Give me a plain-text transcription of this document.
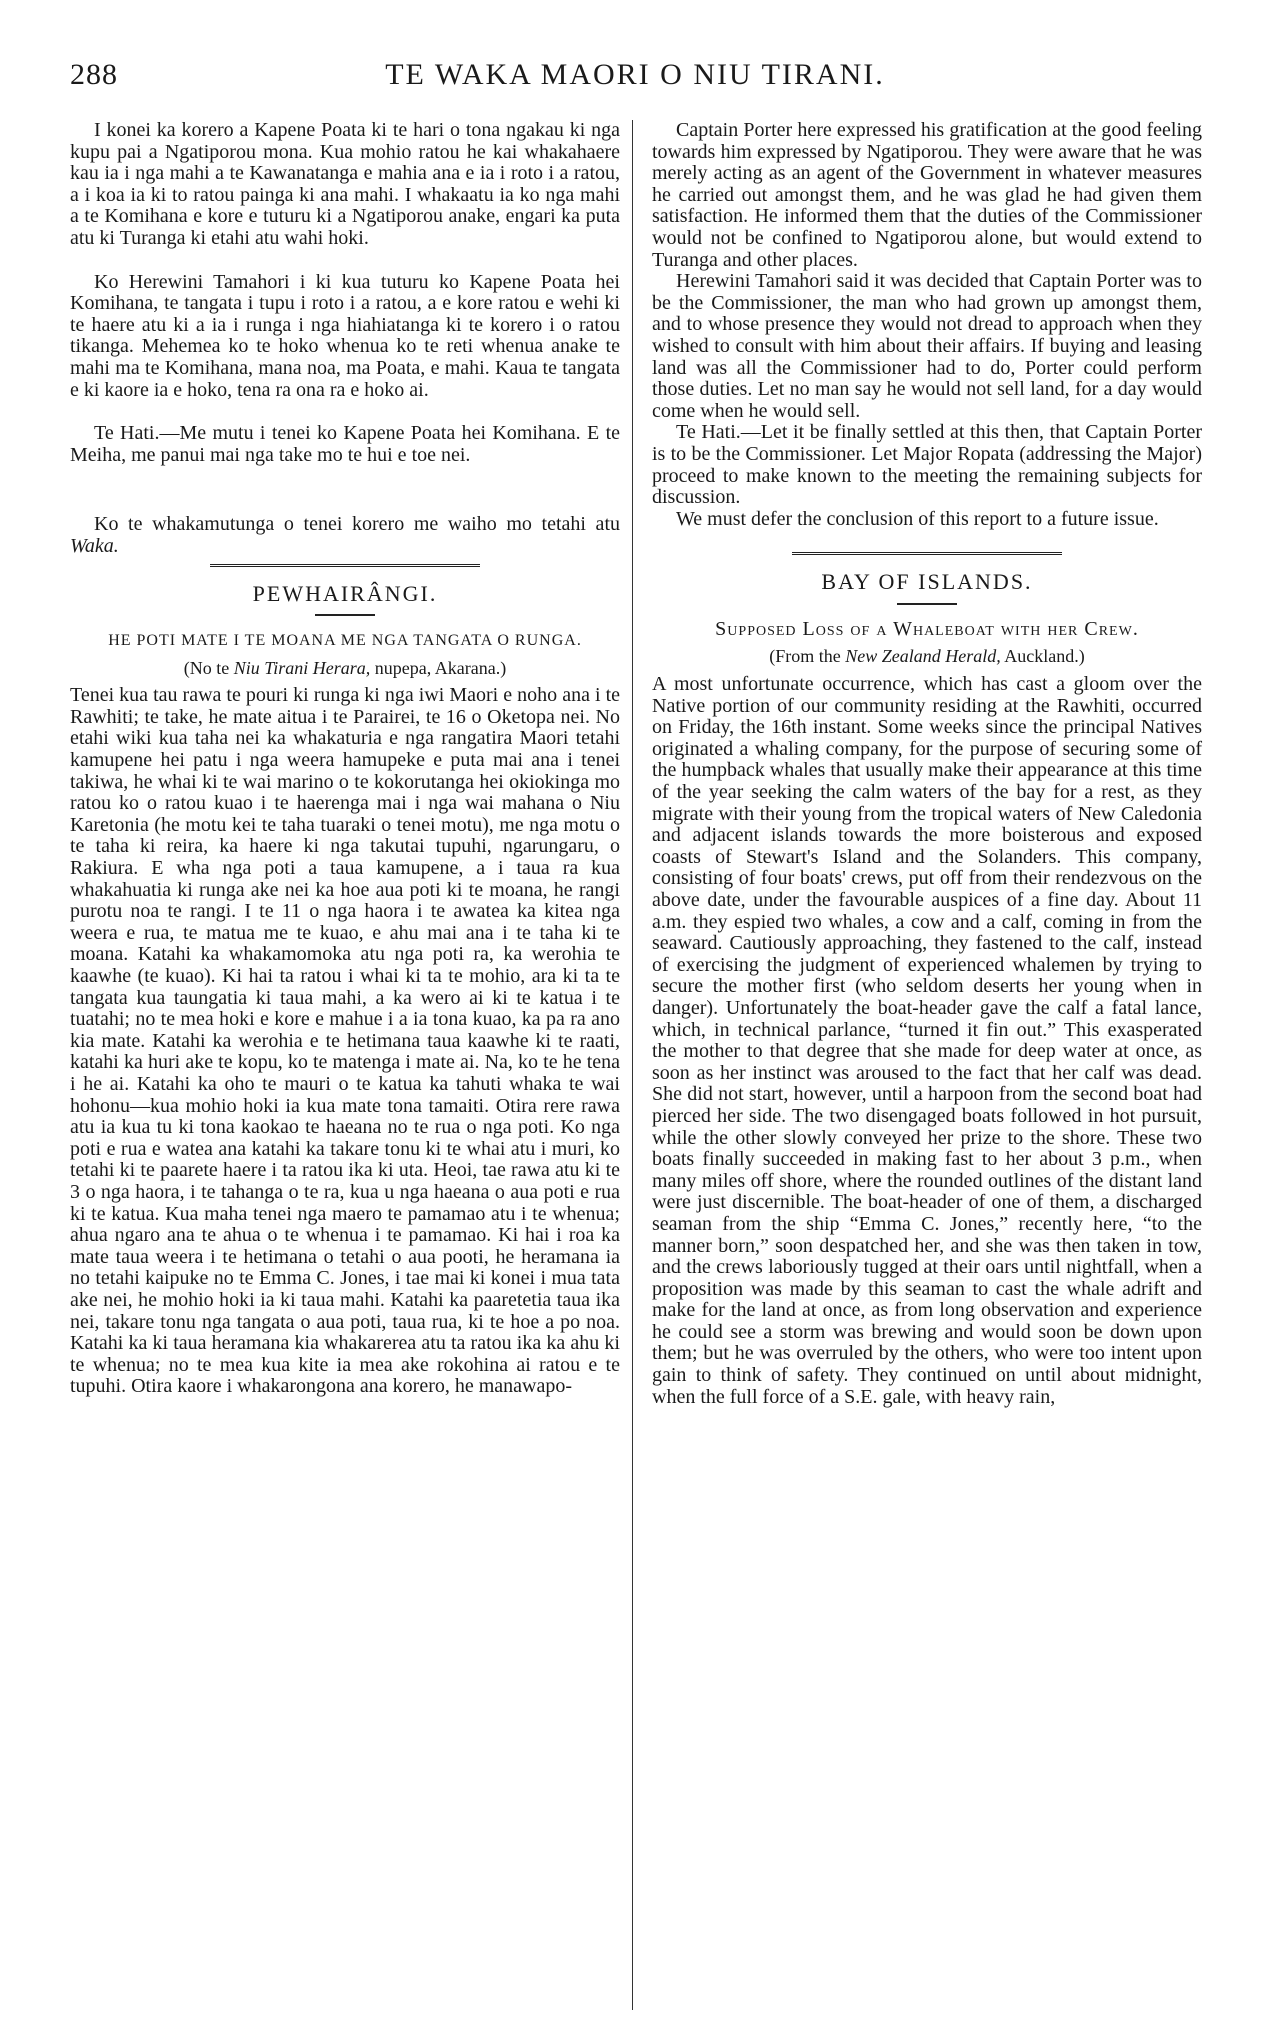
288	TE WAKA MAORI O NIU TIRANI.

I konei ka korero a Kapene Poata ki te hari o tona ngakau ki nga kupu pai a Ngatiporou mona. Kua mohio ratou he kai whakahaere kau ia i nga mahi a te Kawanatanga e mahia ana e ia i roto i a ratou, a i koa ia ki to ratou painga ki ana mahi. I whakaatu ia ko nga mahi a te Komihana e kore e tuturu ki a Ngatiporou anake, engari ka puta atu ki Turanga ki etahi atu wahi hoki.

Ko Herewini Tamahori i ki kua tuturu ko Kapene Poata hei Komihana, te tangata i tupu i roto i a ratou, a e kore ratou e wehi ki te haere atu ki a ia i runga i nga hiahiatanga ki te korero i o ratou tikanga. Mehemea ko te hoko whenua ko te reti whenua anake te mahi ma te Komihana, mana noa, ma Poata, e mahi. Kaua te tangata e ki kaore ia e hoko, tena ra ona ra e hoko ai.

Te Hati.—Me mutu i tenei ko Kapene Poata hei Komihana. E te Meiha, me panui mai nga take mo te hui e toe nei.

Ko te whakamutunga o tenei korero me waiho mo tetahi atu Waka.

PEWHAIRÂNGI.
HE POTI MATE I TE MOANA ME NGA TANGATA O RUNGA.
(No te Niu Tirani Herara, nupepa, Akarana.)

Tenei kua tau rawa te pouri ki runga ki nga iwi Maori e noho ana i te Rawhiti; te take, he mate aitua i te Parairei, te 16 o Oketopa nei. No etahi wiki kua taha nei ka whakaturia e nga rangatira Maori tetahi kamupene hei patu i nga weera hamupeke e puta mai ana i tenei takiwa, he whai ki te wai marino o te kokorutanga hei okiokinga mo ratou ko o ratou kuao i te haerenga mai i nga wai mahana o Niu Karetonia (he motu kei te taha tuaraki o tenei motu), me nga motu o te taha ki reira, ka haere ki nga takutai tupuhi, ngarungaru, o Rakiura. E wha nga poti a taua kamupene, a i taua ra kua whakahuatia ki runga ake nei ka hoe aua poti ki te moana, he rangi purotu noa te rangi. I te 11 o nga haora i te awatea ka kitea nga weera e rua, te matua me te kuao, e ahu mai ana i te taha ki te moana. Katahi ka whakamomoka atu nga poti ra, ka werohia te kaawhe (te kuao). Ki hai ta ratou i whai ki ta te mohio, ara ki ta te tangata kua taungatia ki taua mahi, a ka wero ai ki te katua i te tuatahi; no te mea hoki e kore e mahue i a ia tona kuao, ka pa ra ano kia mate. Katahi ka werohia e te hetimana taua kaawhe ki te raati, katahi ka huri ake te kopu, ko te matenga i mate ai. Na, ko te he tena i he ai. Katahi ka oho te mauri o te katua ka tahuti whaka te wai hohonu—kua mohio hoki ia kua mate tona tamaiti. Otira rere rawa atu ia kua tu ki tona kaokao te haeana no te rua o nga poti. Ko nga poti e rua e watea ana katahi ka takare tonu ki te whai atu i muri, ko tetahi ki te paarete haere i ta ratou ika ki uta. Heoi, tae rawa atu ki te 3 o nga haora, i te tahanga o te ra, kua u nga haeana o aua poti e rua ki te katua. Kua maha tenei nga maero te pamamao atu i te whenua; ahua ngaro ana te ahua o te whenua i te pamamao. Ki hai i roa ka mate taua weera i te hetimana o tetahi o aua pooti, he heramana ia no tetahi kaipuke no te Emma C. Jones, i tae mai ki konei i mua tata ake nei, he mohio hoki ia ki taua mahi. Katahi ka paaretetia taua ika nei, takare tonu nga tangata o aua poti, taua rua, ki te hoe a po noa. Katahi ka ki taua heramana kia whakarerea atu ta ratou ika ka ahu ki te whenua; no te mea kua kite ia mea ake rokohina ai ratou e te tupuhi. Otira kaore i whakarongona ana korero, he manawapo-

Captain Porter here expressed his gratification at the good feeling towards him expressed by Ngatiporou. They were aware that he was merely acting as an agent of the Government in whatever measures he carried out amongst them, and he was glad he had given them satisfaction. He informed them that the duties of the Commissioner would not be confined to Ngatiporou alone, but would extend to Turanga and other places.

Herewini Tamahori said it was decided that Captain Porter was to be the Commissioner, the man who had grown up amongst them, and to whose presence they would not dread to approach when they wished to consult with him about their affairs. If buying and leasing land was all the Commissioner had to do, Porter could perform those duties. Let no man say he would not sell land, for a day would come when he would sell.

Te Hati.—Let it be finally settled at this then, that Captain Porter is to be the Commissioner. Let Major Ropata (addressing the Major) proceed to make known to the meeting the remaining subjects for discussion.

We must defer the conclusion of this report to a future issue.

BAY OF ISLANDS.
Supposed Loss of a Whaleboat with her Crew.
(From the New Zealand Herald, Auckland.)

A most unfortunate occurrence, which has cast a gloom over the Native portion of our community residing at the Rawhiti, occurred on Friday, the 16th instant. Some weeks since the principal Natives originated a whaling company, for the purpose of securing some of the humpback whales that usually make their appearance at this time of the year seeking the calm waters of the bay for a rest, as they migrate with their young from the tropical waters of New Caledonia and adjacent islands towards the more boisterous and exposed coasts of Stewart's Island and the Solanders. This company, consisting of four boats' crews, put off from their rendezvous on the above date, under the favourable auspices of a fine day. About 11 a.m. they espied two whales, a cow and a calf, coming in from the seaward. Cautiously approaching, they fastened to the calf, instead of exercising the judgment of experienced whalemen by trying to secure the mother first (who seldom deserts her young when in danger). Unfortunately the boat-header gave the calf a fatal lance, which, in technical parlance, “turned it fin out.” This exasperated the mother to that degree that she made for deep water at once, as soon as her instinct was aroused to the fact that her calf was dead. She did not start, however, until a harpoon from the second boat had pierced her side. The two disengaged boats followed in hot pursuit, while the other slowly conveyed her prize to the shore. These two boats finally succeeded in making fast to her about 3 p.m., when many miles off shore, where the rounded outlines of the distant land were just discernible. The boat-header of one of them, a discharged seaman from the ship “Emma C. Jones,” recently here, “to the manner born,” soon despatched her, and she was then taken in tow, and the crews laboriously tugged at their oars until nightfall, when a proposition was made by this seaman to cast the whale adrift and make for the land at once, as from long observation and experience he could see a storm was brewing and would soon be down upon them; but he was overruled by the others, who were too intent upon gain to think of safety. They continued on until about midnight, when the full force of a S.E. gale, with heavy rain,
